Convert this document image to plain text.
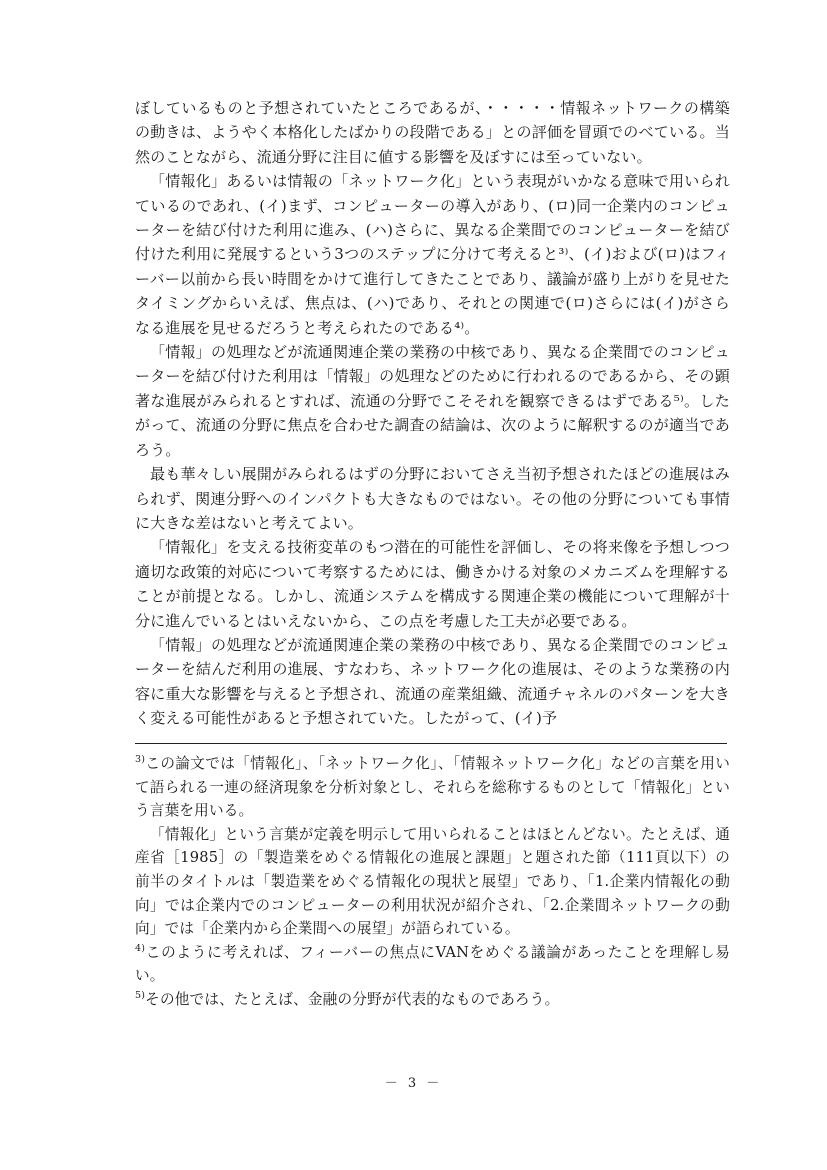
ぼしているものと予想されていたところであるが、・・・・・情報ネットワークの構築の動きは、ようやく本格化したばかりの段階である」との評価を冒頭でのべている。当然のことながら、流通分野に注目に値する影響を及ぼすには至っていない。

「情報化」あるいは情報の「ネットワーク化」という表現がいかなる意味で用いられているのであれ、(イ)まず、コンピューターの導入があり、(ロ)同一企業内のコンピューターを結び付けた利用に進み、(ハ)さらに、異なる企業間でのコンピューターを結び付けた利用に発展するという3つのステップに分けて考えると³⁾、(イ)および(ロ)はフィーバー以前から長い時間をかけて進行してきたことであり、議論が盛り上がりを見せたタイミングからいえば、焦点は、(ハ)であり、それとの関連で(ロ)さらには(イ)がさらなる進展を見せるだろうと考えられたのである⁴⁾。

「情報」の処理などが流通関連企業の業務の中核であり、異なる企業間でのコンピューターを結び付けた利用は「情報」の処理などのために行われるのであるから、その顕著な進展がみられるとすれば、流通の分野でこそそれを観察できるはずである⁵⁾。したがって、流通の分野に焦点を合わせた調査の結論は、次のように解釈するのが適当であろう。

最も華々しい展開がみられるはずの分野においてさえ当初予想されたほどの進展はみられず、関連分野へのインパクトも大きなものではない。その他の分野についても事情に大きな差はないと考えてよい。

「情報化」を支える技術変革のもつ潜在的可能性を評価し、その将来像を予想しつつ適切な政策的対応について考察するためには、働きかける対象のメカニズムを理解することが前提となる。しかし、流通システムを構成する関連企業の機能について理解が十分に進んでいるとはいえないから、この点を考慮した工夫が必要である。

「情報」の処理などが流通関連企業の業務の中核であり、異なる企業間でのコンピューターを結んだ利用の進展、すなわち、ネットワーク化の進展は、そのような業務の内容に重大な影響を与えると予想され、流通の産業組織、流通チャネルのパターンを大きく変える可能性があると予想されていた。したがって、(イ)予

$^{3)}$この論文では「情報化」、「ネットワーク化」、「情報ネットワーク化」などの言葉を用いて語られる一連の経済現象を分析対象とし、それらを総称するものとして「情報化」という言葉を用いる。

「情報化」という言葉が定義を明示して用いられることはほとんどない。たとえば、通産省［1985］の「製造業をめぐる情報化の進展と課題」と題された節（111頁以下）の前半のタイトルは「製造業をめぐる情報化の現状と展望」であり、「1.企業内情報化の動向」では企業内でのコンピューターの利用状況が紹介され、「2.企業間ネットワークの動向」では「企業内から企業間への展望」が語られている。

$^{4)}$このように考えれば、フィーバーの焦点にVANをめぐる議論があったことを理解し易い。

$^{5)}$その他では、たとえば、金融の分野が代表的なものであろう。

－ 3 －
